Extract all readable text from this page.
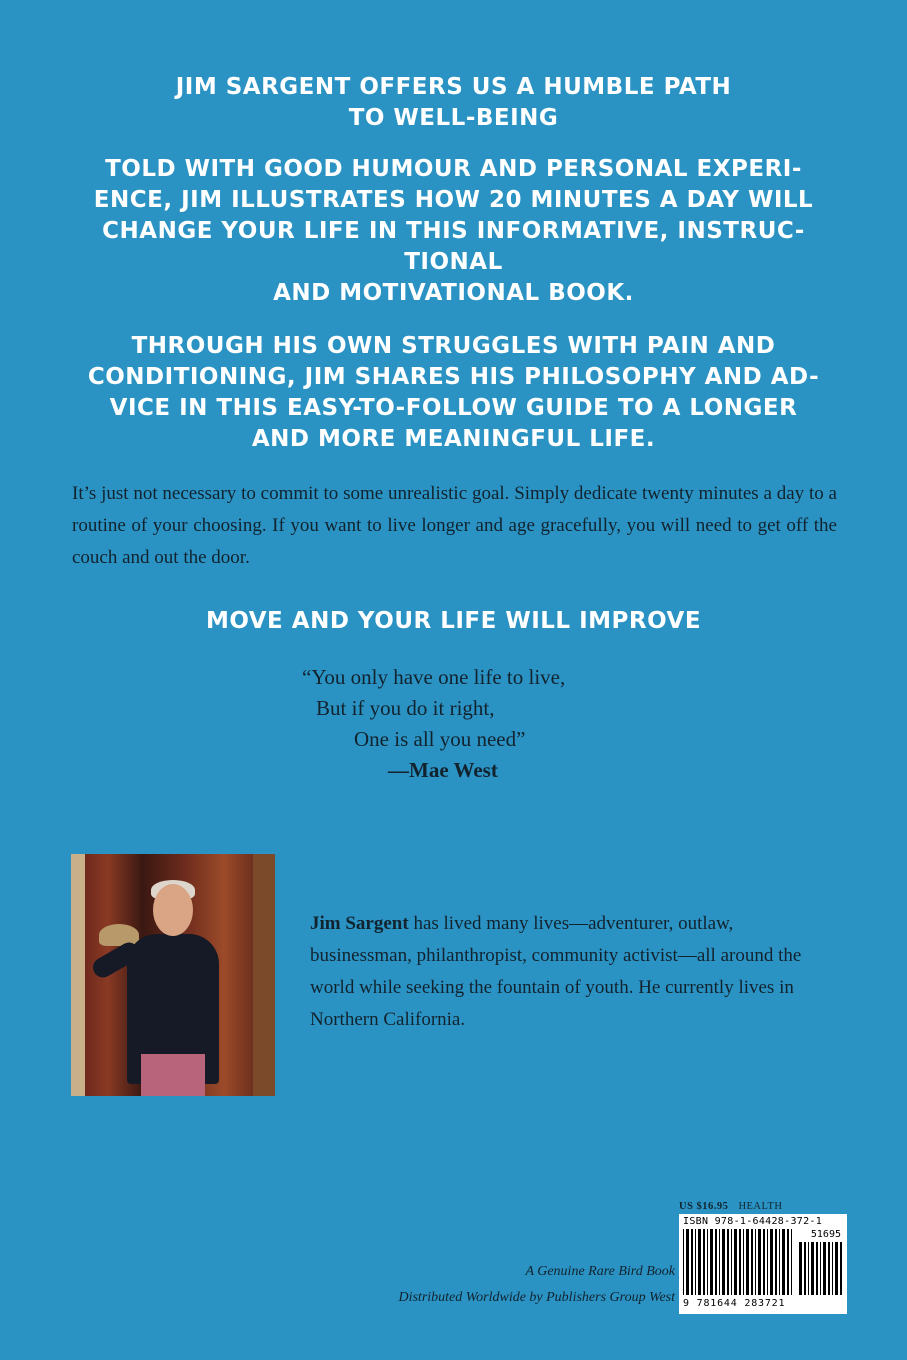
JIM SARGENT OFFERS US A HUMBLE PATH
TO WELL-BEING
TOLD WITH GOOD HUMOUR AND PERSONAL EXPERI-
ENCE, JIM ILLUSTRATES HOW 20 MINUTES A DAY WILL
CHANGE YOUR LIFE IN THIS INFORMATIVE, INSTRUC-
TIONAL
AND MOTIVATIONAL BOOK.
THROUGH HIS OWN STRUGGLES WITH PAIN AND
CONDITIONING, JIM SHARES HIS PHILOSOPHY AND AD-
VICE IN THIS EASY-TO-FOLLOW GUIDE TO A LONGER
AND MORE MEANINGFUL LIFE.

It’s just not necessary to commit to some unrealistic goal. Simply dedicate twenty minutes a day to a routine of your choosing. If you want to live longer and age gracefully, you will need to get off the couch and out the door.

MOVE AND YOUR LIFE WILL IMPROVE
“You only have one life to live,
But if you do it right,
One is all you need”
—Mae West

Jim Sargent has lived many lives—adventurer, outlaw, businessman, philanthropist, community activist—all around the world while seeking the fountain of youth. He currently lives in Northern California.

A Genuine Rare Bird Book
Distributed Worldwide by Publishers Group West
US $16.95 HEALTH
ISBN 978-1-64428-372-1
51695
9 781644 283721
